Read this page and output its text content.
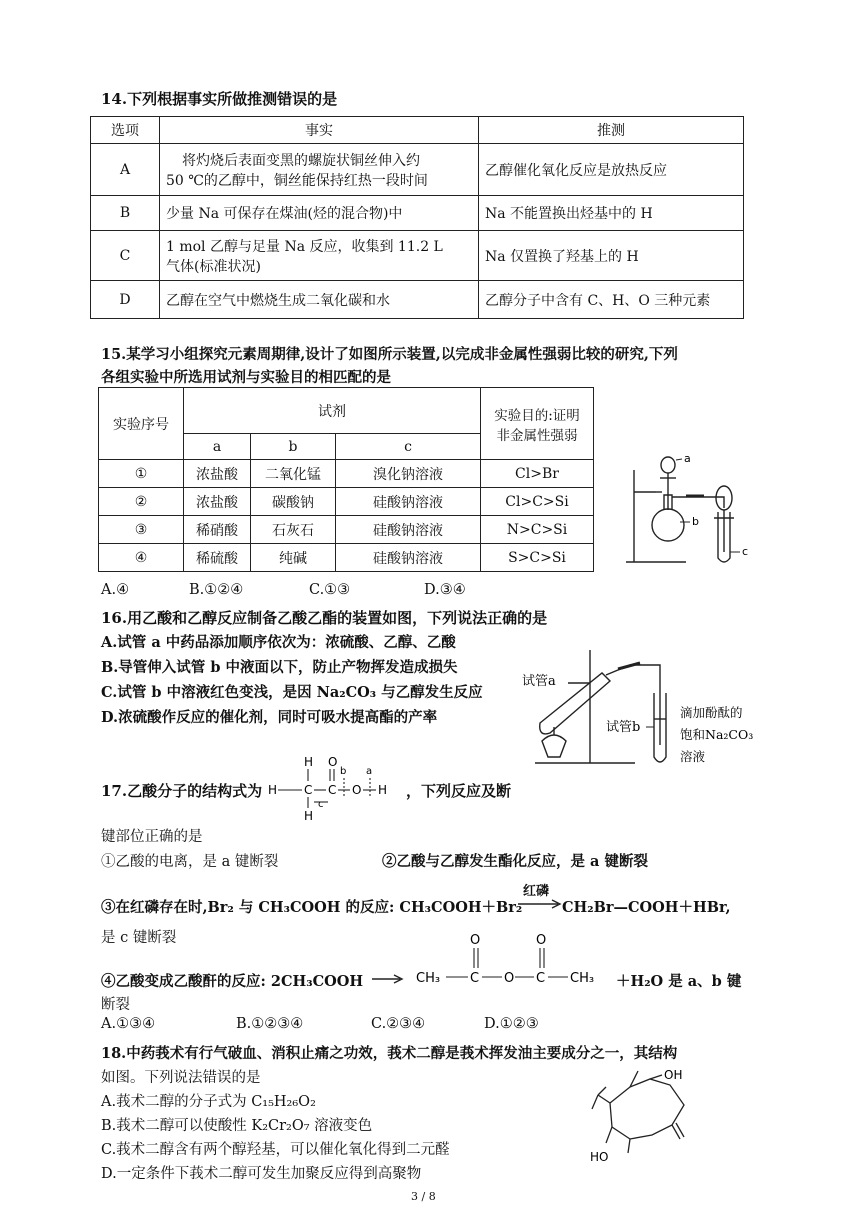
14.下列根据事实所做推测错误的是
选项	事实	推测
A	将灼烧后表面变黑的螺旋状铜丝伸入约
50 ℃的乙醇中，铜丝能保持红热一段时间	乙醇催化氧化反应是放热反应
B	少量 Na 可保存在煤油(烃的混合物)中	Na 不能置换出烃基中的 H
C	1 mol 乙醇与足量 Na 反应，收集到 11.2 L
气体(标准状况)	Na 仅置换了羟基上的 H
D	乙醇在空气中燃烧生成二氧化碳和水	乙醇分子中含有 C、H、O 三种元素
15.某学习小组探究元素周期律,设计了如图所示装置,以完成非金属性强弱比较的研究,下列
各组实验中所选用试剂与实验目的相匹配的是
实验序号	试剂			实验目的:证明
非金属性强弱

	a	b	c	
①	浓盐酸	二氧化锰	溴化钠溶液	Cl>Br
②	浓盐酸	碳酸钠	硅酸钠溶液	Cl>C>Si
③	稀硝酸	石灰石	硅酸钠溶液	N>C>Si
④	稀硫酸	纯碱	硅酸钠溶液	S>C>Si
a
b
c
A.④	B.①②④	C.①③	D.③④
16.用乙酸和乙醇反应制备乙酸乙酯的装置如图，下列说法正确的是
A.试管 a 中药品添加顺序依次为：浓硫酸、乙醇、乙酸
B.导管伸入试管 b 中液面以下，防止产物挥发造成损失
C.试管 b 中溶液红色变浅，是因 Na₂CO₃ 与乙醇发生反应
D.浓硫酸作反应的催化剂，同时可吸水提高酯的产率
试管a
试管b
滴加酚酞的
饱和Na₂CO₃
溶液
17.乙酸分子的结构式为
H O
H C C O H
H
b a
c
，下列反应及断
键部位正确的是
①乙酸的电离，是 a 键断裂	②乙酸与乙醇发生酯化反应，是 a 键断裂
③在红磷存在时,Br₂ 与 CH₃COOH 的反应: CH₃COOH＋Br₂
红磷
CH₂Br—COOH＋HBr,
是 c 键断裂
④乙酸变成乙酸酐的反应: 2CH₃COOH
O	O
CH₃ C O C CH₃ ＋H₂O 是 a、b 键
断裂
A.①③④	B.①②③④	C.②③④	D.①②③
18.中药莪术有行气破血、消积止痛之功效，莪术二醇是莪术挥发油主要成分之一，其结构
如图。下列说法错误的是
A.莪术二醇的分子式为 C₁₅H₂₆O₂
B.莪术二醇可以使酸性 K₂Cr₂O₇ 溶液变色
C.莪术二醇含有两个醇羟基，可以催化氧化得到二元醛
D.一定条件下莪术二醇可发生加聚反应得到高聚物
OH
HO
3 / 8
